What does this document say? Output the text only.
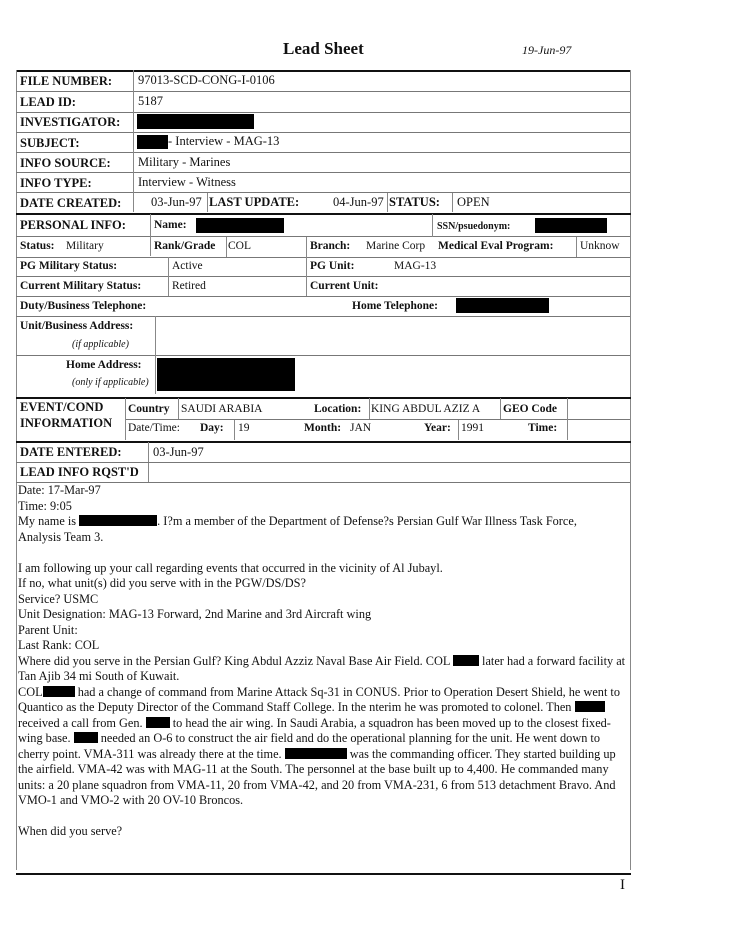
Lead Sheet	19-Jun-97
FILE NUMBER: 97013-SCD-CONG-I-0106
LEAD ID:	5187
INVESTIGATOR:
SUBJECT:	- Interview - MAG-13
INFO SOURCE: Military - Marines
INFO TYPE:	Interview - Witness
DATE CREATED: 03-Jun-97 LAST UPDATE:	04-Jun-97 STATUS: OPEN
PERSONAL INFO: Name:	SSN/psuedonym:
Status: Military	Rank/Grade COL	Branch: Marine Corp Medical Eval Program: Unknow
PG Military Status:	Active	PG Unit:	MAG-13
Current Military Status:	Retired	Current Unit:
Duty/Business Telephone:	Home Telephone:
Unit/Business Address:
(if applicable)
Home Address:
(only if applicable)
EVENT/COND
INFORMATION
Country SAUDI ARABIA	Location: KING ABDUL AZIZ A GEO Code
Date/Time: Day: 19	Month: JAN	Year: 1991	Time:
DATE ENTERED:	03-Jun-97
LEAD INFO RQST'D
Date: 17-Mar-97
Time: 9:05
My name is	. I?m a member of the Department of Defense?s Persian Gulf War Illness Task Force,
Analysis Team 3.
I am following up your call regarding events that occurred in the vicinity of Al Jubayl.
If no, what unit(s) did you serve with in the PGW/DS/DS?
Service? USMC
Unit Designation: MAG-13 Forward, 2nd Marine and 3rd Aircraft wing
Parent Unit:
Last Rank: COL
Where did you serve in the Persian Gulf? King Abdul Azziz Naval Base Air Field. COL	later had a forward facility at Tan Ajib 34 mi South of Kuwait.
COL	had a change of command from Marine Attack Sq-31 in CONUS. Prior to Operation Desert Shield, he went to Quantico as the Deputy Director of the Command Staff College. In the nterim he was promoted to colonel. Then  received a call from Gen. to head the air wing. In Saudi Arabia, a squadron has been moved up to the closest fixed-wing base. needed an O-6 to construct the air field and do the operational planning for the unit. He went down to cherry point. VMA-311 was already there at the time.	was the commanding officer. They started building up the airfield. VMA-42 was with MAG-11 at the South. The personnel at the base built up to 4,400. He commanded many units: a 20 plane squadron from VMA-11, 20 from VMA-42, and 20 from VMA-231, 6 from 513 detachment Bravo. And VMO-1 and VMO-2 with 20 OV-10 Broncos.
When did you serve?
I
